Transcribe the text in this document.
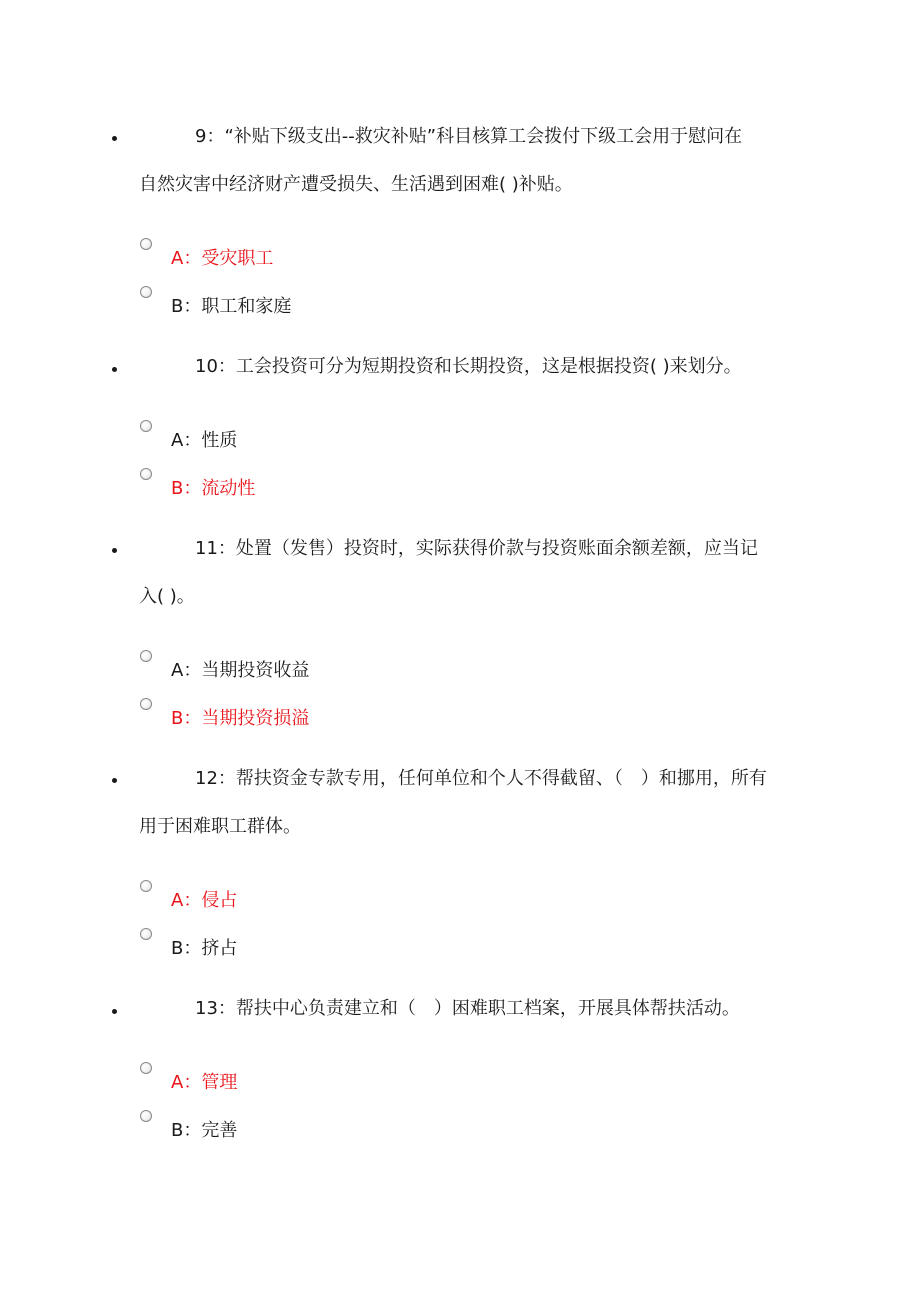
9：“补贴下级支出--救灾补贴”科目核算工会拨付下级工会用于慰问在
自然灾害中经济财产遭受损失、生活遇到困难( )补贴。
A：受灾职工
B：职工和家庭
10：工会投资可分为短期投资和长期投资，这是根据投资( )来划分。
A：性质
B：流动性
11：处置（发售）投资时，实际获得价款与投资账面余额差额，应当记
入( )。
A：当期投资收益
B：当期投资损溢
12：帮扶资金专款专用，任何单位和个人不得截留、（　）和挪用，所有
用于困难职工群体。
A：侵占
B：挤占
13：帮扶中心负责建立和（　）困难职工档案，开展具体帮扶活动。
A：管理
B：完善
